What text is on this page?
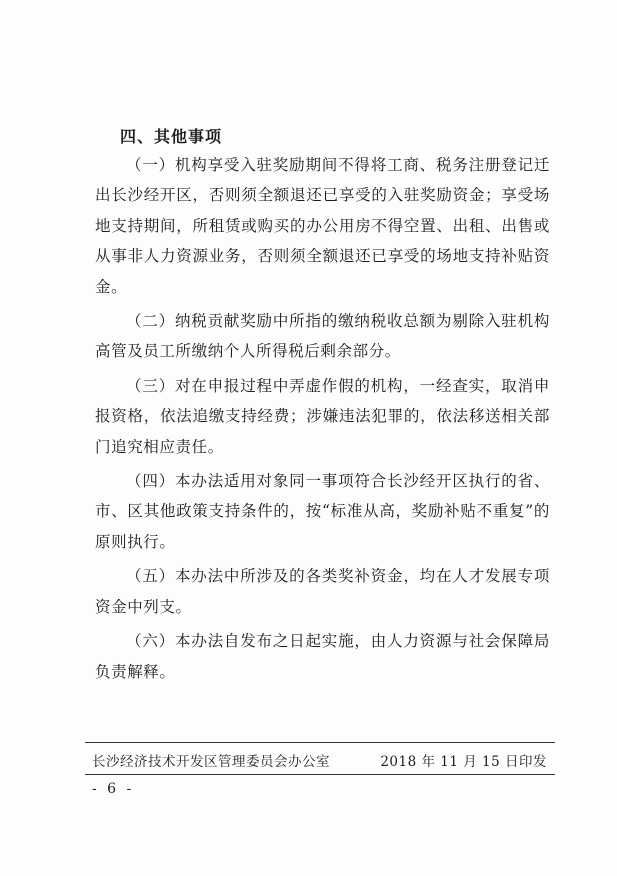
四、其他事项

（一）机构享受入驻奖励期间不得将工商、税务注册登记迁出长沙经开区，否则须全额退还已享受的入驻奖励资金；享受场地支持期间，所租赁或购买的办公用房不得空置、出租、出售或从事非人力资源业务，否则须全额退还已享受的场地支持补贴资金。

（二）纳税贡献奖励中所指的缴纳税收总额为剔除入驻机构高管及员工所缴纳个人所得税后剩余部分。

（三）对在申报过程中弄虚作假的机构，一经查实，取消申报资格，依法追缴支持经费；涉嫌违法犯罪的，依法移送相关部门追究相应责任。

（四）本办法适用对象同一事项符合长沙经开区执行的省、市、区其他政策支持条件的，按“标准从高，奖励补贴不重复”的原则执行。

（五）本办法中所涉及的各类奖补资金，均在人才发展专项资金中列支。

（六）本办法自发布之日起实施，由人力资源与社会保障局负责解释。

长沙经济技术开发区管理委员会办公室	2018 年 11 月 15 日印发
- 6 -
